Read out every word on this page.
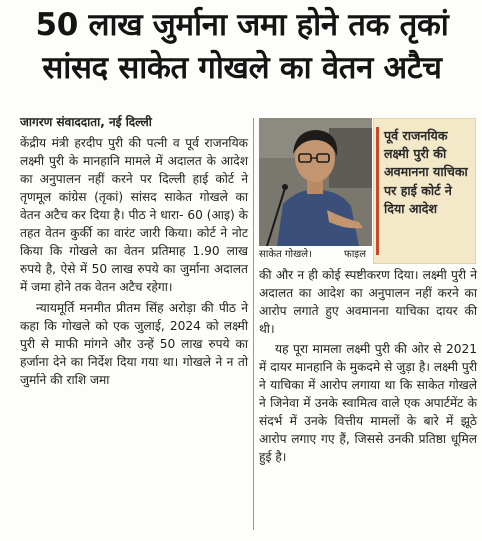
50 लाख जुर्माना जमा होने तक तृकां
सांसद साकेत गोखले का वेतन अटैच
जागरण संवाददाता, नई दिल्ली

केंद्रीय मंत्री हरदीप पुरी की पत्नी व पूर्व राजनयिक लक्ष्मी पुरी के मानहानि मामले में अदालत के आदेश का अनुपालन नहीं करने पर दिल्ली हाई कोर्ट ने तृणमूल कांग्रेस (तृकां) सांसद साकेत गोखले का वेतन अटैच कर दिया है। पीठ ने धारा- 60 (आइ) के तहत वेतन कुर्की का वारंट जारी किया। कोर्ट ने नोट किया कि गोखले का वेतन प्रतिमाह 1.90 लाख रुपये है, ऐसे में 50 लाख रुपये का जुर्माना अदालत में जमा होने तक वेतन अटैच रहेगा।

न्यायमूर्ति मनमीत प्रीतम सिंह अरोड़ा की पीठ ने कहा कि गोखले को एक जुलाई, 2024 को लक्ष्मी पुरी से माफी मांगने और उन्हें 50 लाख रुपये का हर्जाना देने का निर्देश दिया गया था। गोखले ने न तो जुर्माने की राशि जमा

साकेत गोखले।	फाइल
पूर्व राजनयिक लक्ष्मी पुरी की अवमानना याचिका पर हाई कोर्ट ने दिया आदेश

की और न ही कोई स्पष्टीकरण दिया। लक्ष्मी पुरी ने अदालत का आदेश का अनुपालन नहीं करने का आरोप लगाते हुए अवमानना याचिका दायर की थी।

यह पूरा मामला लक्ष्मी पुरी की ओर से 2021 में दायर मानहानि के मुकदमे से जुड़ा है। लक्ष्मी पुरी ने याचिका में आरोप लगाया था कि साकेत गोखले ने जिनेवा में उनके स्वामित्व वाले एक अपार्टमेंट के संदर्भ में उनके वित्तीय मामलों के बारे में झूठे आरोप लगाए गए हैं, जिससे उनकी प्रतिष्ठा धूमिल हुई है।
